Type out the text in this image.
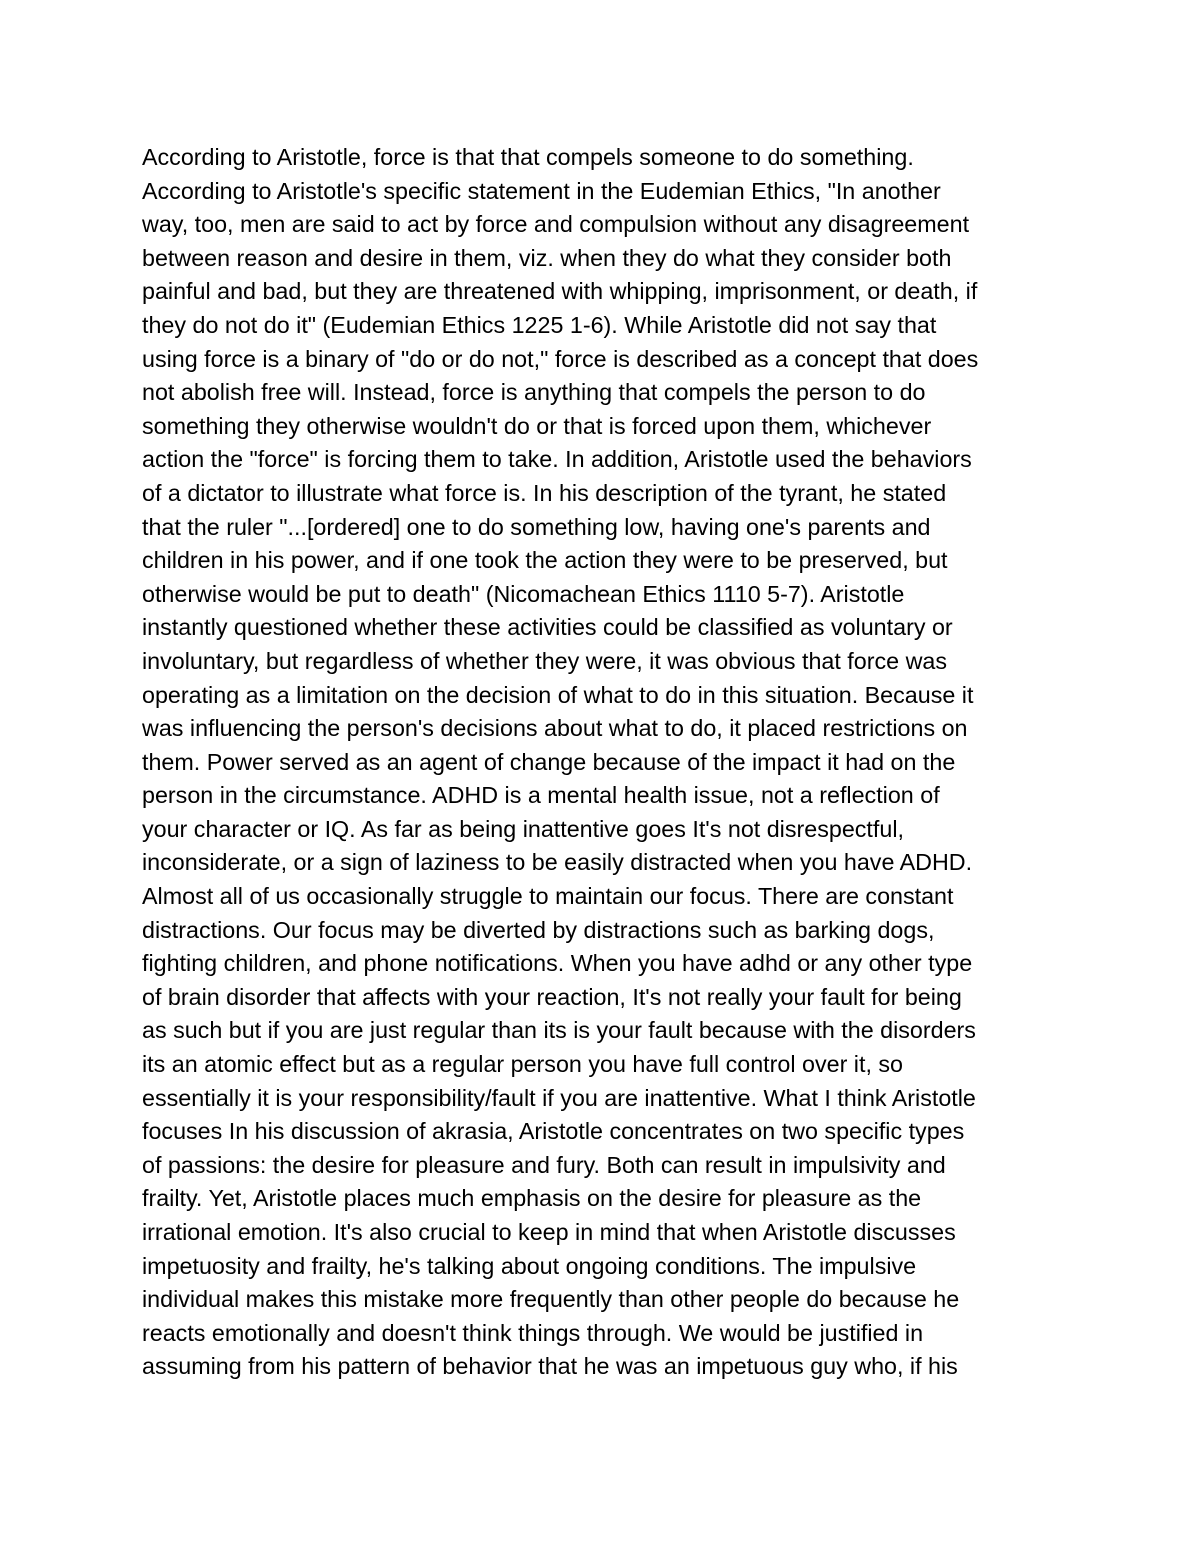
According to Aristotle, force is that that compels someone to do something.
According to Aristotle's specific statement in the Eudemian Ethics, "In another
way, too, men are said to act by force and compulsion without any disagreement
between reason and desire in them, viz. when they do what they consider both
painful and bad, but they are threatened with whipping, imprisonment, or death, if
they do not do it" (Eudemian Ethics 1225 1-6). While Aristotle did not say that
using force is a binary of "do or do not," force is described as a concept that does
not abolish free will. Instead, force is anything that compels the person to do
something they otherwise wouldn't do or that is forced upon them, whichever
action the "force" is forcing them to take. In addition, Aristotle used the behaviors
of a dictator to illustrate what force is. In his description of the tyrant, he stated
that the ruler "...[ordered] one to do something low, having one's parents and
children in his power, and if one took the action they were to be preserved, but
otherwise would be put to death" (Nicomachean Ethics 1110 5-7). Aristotle
instantly questioned whether these activities could be classified as voluntary or
involuntary, but regardless of whether they were, it was obvious that force was
operating as a limitation on the decision of what to do in this situation. Because it
was influencing the person's decisions about what to do, it placed restrictions on
them. Power served as an agent of change because of the impact it had on the
person in the circumstance. ADHD is a mental health issue, not a reflection of
your character or IQ. As far as being inattentive goes It's not disrespectful,
inconsiderate, or a sign of laziness to be easily distracted when you have ADHD.
Almost all of us occasionally struggle to maintain our focus. There are constant
distractions. Our focus may be diverted by distractions such as barking dogs,
fighting children, and phone notifications. When you have adhd or any other type
of brain disorder that affects with your reaction, It's not really your fault for being
as such but if you are just regular than its is your fault because with the disorders
its an atomic effect but as a regular person you have full control over it, so
essentially it is your responsibility/fault if you are inattentive. What I think Aristotle
focuses In his discussion of akrasia, Aristotle concentrates on two specific types
of passions: the desire for pleasure and fury. Both can result in impulsivity and
frailty. Yet, Aristotle places much emphasis on the desire for pleasure as the
irrational emotion. It's also crucial to keep in mind that when Aristotle discusses
impetuosity and frailty, he's talking about ongoing conditions. The impulsive
individual makes this mistake more frequently than other people do because he
reacts emotionally and doesn't think things through. We would be justified in
assuming from his pattern of behavior that he was an impetuous guy who, if his
